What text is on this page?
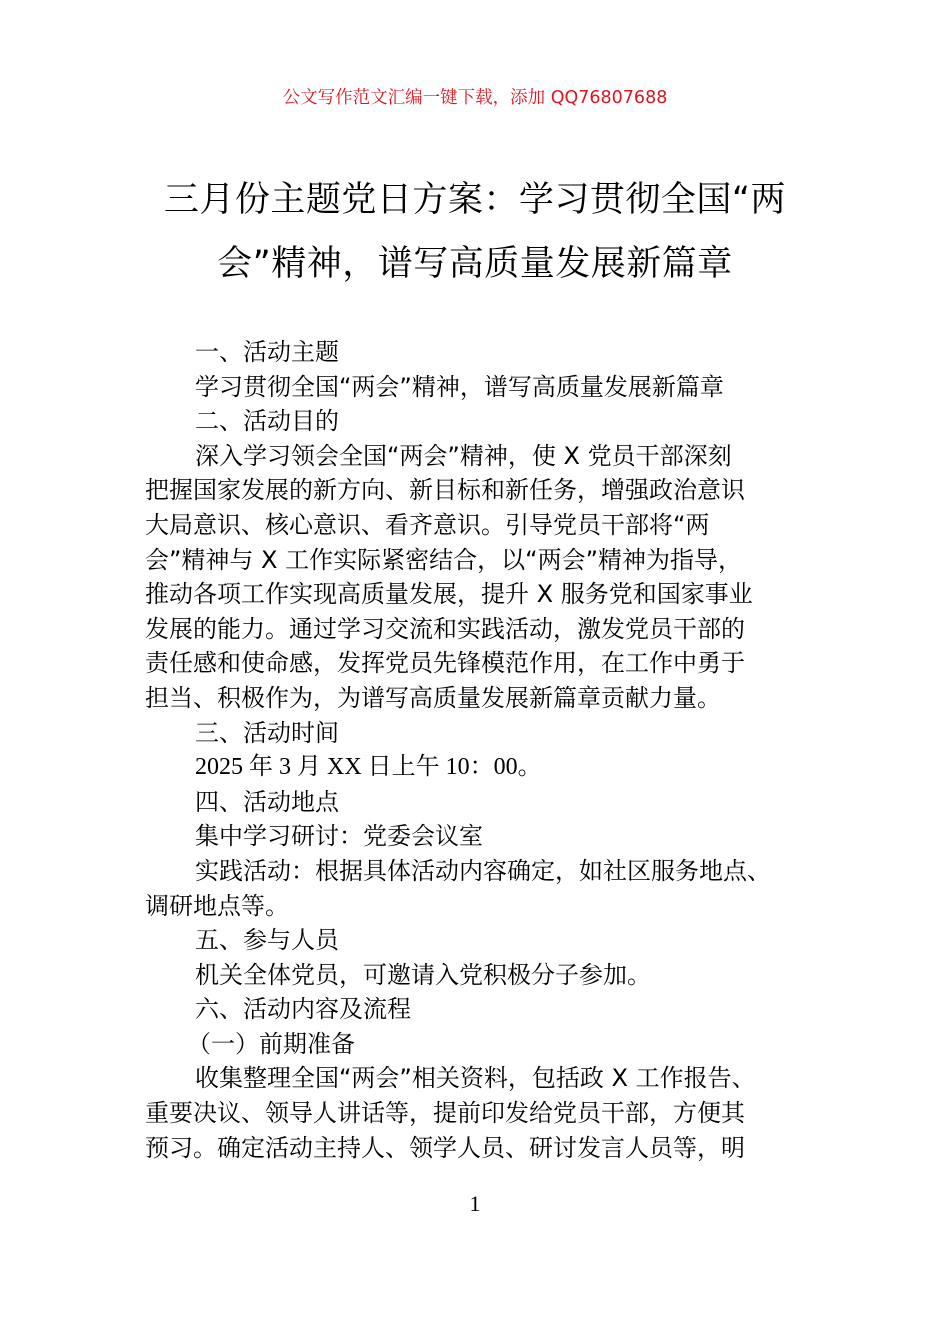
公文写作范文汇编一键下载，添加 QQ76807688
三月份主题党日方案：学习贯彻全国“两
会”精神，谱写高质量发展新篇章
一、活动主题
学习贯彻全国“两会”精神，谱写高质量发展新篇章
二、活动目的
深入学习领会全国“两会”精神，使 X 党员干部深刻
把握国家发展的新方向、新目标和新任务，增强政治意识
大局意识、核心意识、看齐意识。引导党员干部将“两
会”精神与 X 工作实际紧密结合，以“两会”精神为指导，
推动各项工作实现高质量发展，提升 X 服务党和国家事业
发展的能力。通过学习交流和实践活动，激发党员干部的
责任感和使命感，发挥党员先锋模范作用，在工作中勇于
担当、积极作为，为谱写高质量发展新篇章贡献力量。
三、活动时间
2025 年 3 月 XX 日上午 10：00。
四、活动地点
集中学习研讨：党委会议室
实践活动：根据具体活动内容确定，如社区服务地点、
调研地点等。
五、参与人员
机关全体党员，可邀请入党积极分子参加。
六、活动内容及流程
（一）前期准备
收集整理全国“两会”相关资料，包括政 X 工作报告、
重要决议、领导人讲话等，提前印发给党员干部，方便其
预习。确定活动主持人、领学人员、研讨发言人员等，明
1
